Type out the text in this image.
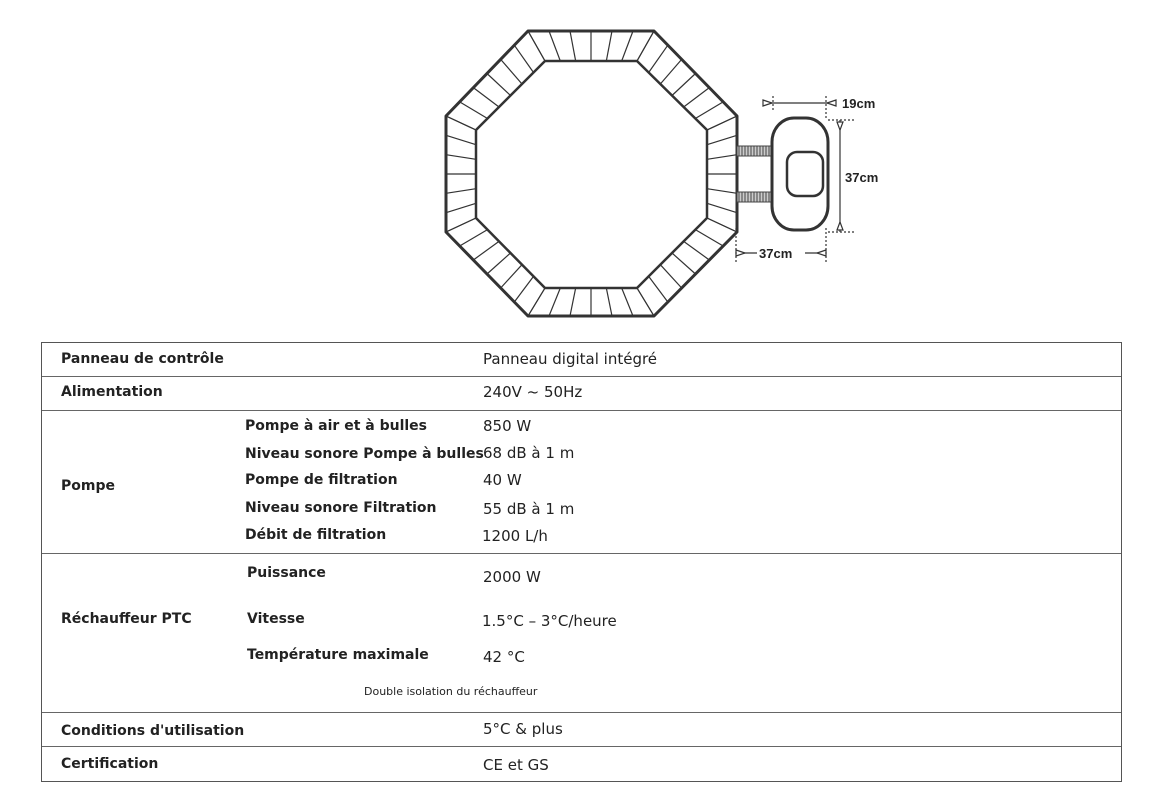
19cm
37cm
37cm
Panneau de contrôle	Panneau digital intégré
Alimentation	240V ~ 50Hz
Pompe
Pompe à air et à bulles	850 W
Niveau sonore Pompe à bulles 68 dB à 1 m
Pompe de filtration	40 W
Niveau sonore Filtration	55 dB à 1 m
Débit de filtration	1200 L/h
Réchauffeur PTC
Puissance	2000 W
Vitesse	1.5°C – 3°C/heure
Température maximale	42 °C
Double isolation du réchauffeur
Conditions d'utilisation	5°C & plus
Certification	CE et GS
